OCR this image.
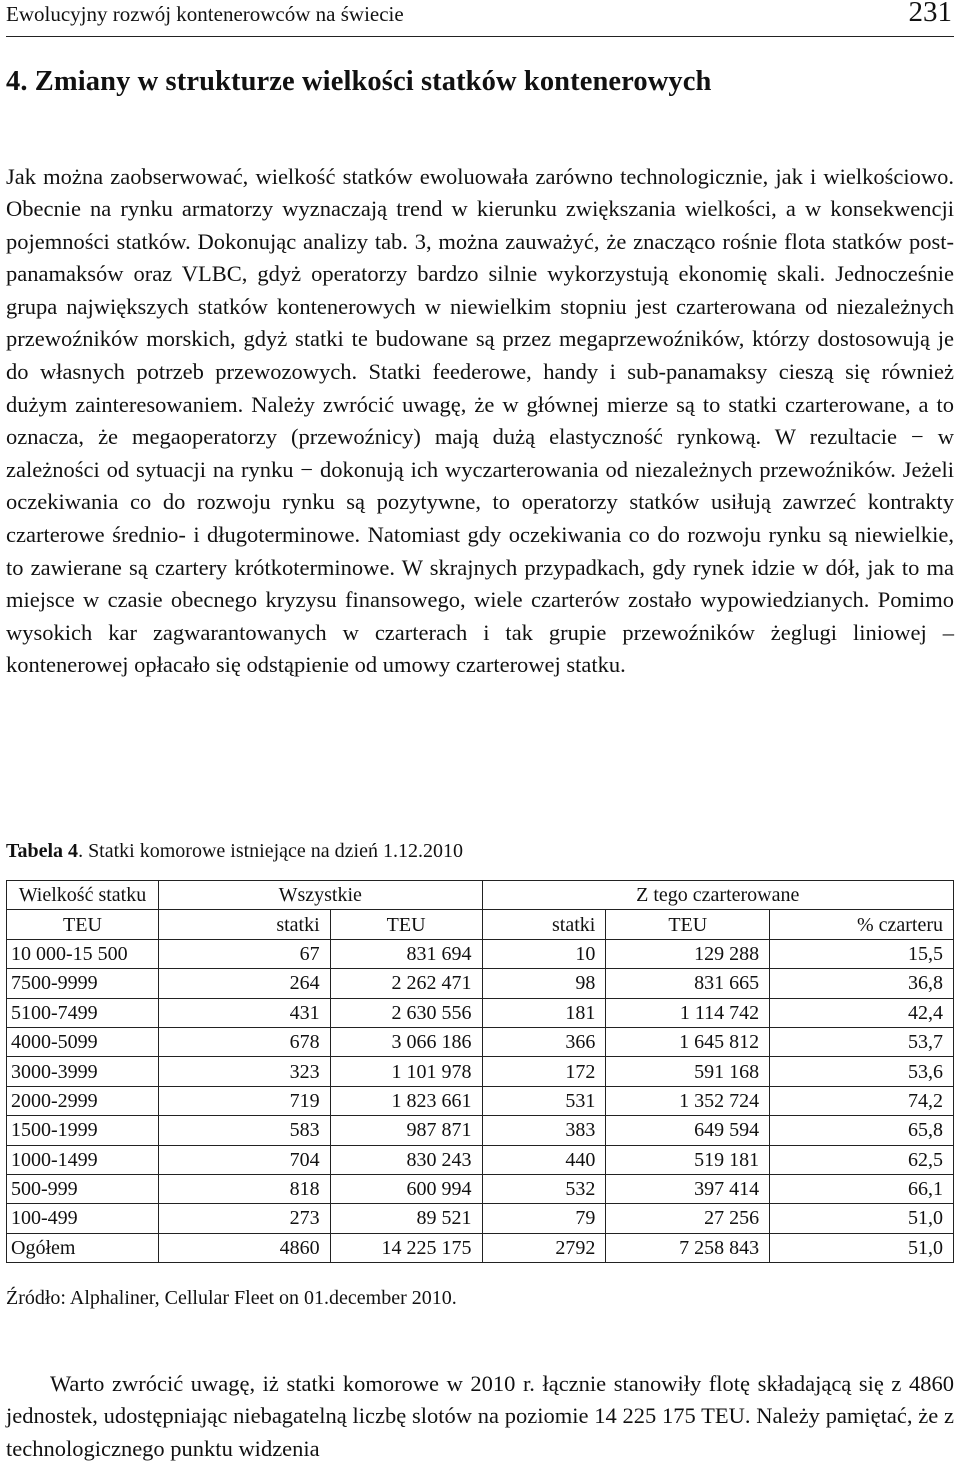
Ewolucyjny rozwój kontenerowców na świecie	231
4. Zmiany w strukturze wielkości statków kontenerowych

Jak można zaobserwować, wielkość statków ewoluowała zarówno technologicznie, jak i wielkościowo. Obecnie na rynku armatorzy wyznaczają trend w kierunku zwiększania wielkości, a w konsekwencji pojemności statków. Dokonując analizy tab. 3, można zauważyć, że znacząco rośnie flota statków post-panamaksów oraz VLBC, gdyż operatorzy bardzo silnie wykorzystują ekonomię skali. Jednocześnie grupa największych statków kontenerowych w niewielkim stopniu jest czarterowana od niezależnych przewoźników morskich, gdyż statki te budowane są przez megaprzewoźników, którzy dostosowują je do własnych potrzeb przewozowych. Statki feederowe, handy i sub-panamaksy cieszą się również dużym zainteresowaniem. Należy zwrócić uwagę, że w głównej mierze są to statki czarterowane, a to oznacza, że megaoperatorzy (przewoźnicy) mają dużą elastyczność rynkową. W rezultacie − w zależności od sytuacji na rynku − dokonują ich wyczarterowania od niezależnych przewoźników. Jeżeli oczekiwania co do rozwoju rynku są pozytywne, to operatorzy statków usiłują zawrzeć kontrakty czarterowe średnio- i długoterminowe. Natomiast gdy oczekiwania co do rozwoju rynku są niewielkie, to zawierane są czartery krótkoterminowe. W skrajnych przypadkach, gdy rynek idzie w dół, jak to ma miejsce w czasie obecnego kryzysu finansowego, wiele czarterów zostało wypowiedzianych. Pomimo wysokich kar zagwarantowanych w czarterach i tak grupie przewoźników żeglugi liniowej – kontenerowej opłacało się odstąpienie od umowy czarterowej statku.

Tabela 4. Statki komorowe istniejące na dzień 1.12.2010
Wielkość statku	Wszystkie		Z tego czarterowane		
TEU	statki	TEU	statki	TEU	% czarteru
10 000-15 500	67	831 694	10	129 288	15,5
7500-9999	264	2 262 471	98	831 665	36,8
5100-7499	431	2 630 556	181	1 114 742	42,4
4000-5099	678	3 066 186	366	1 645 812	53,7
3000-3999	323	1 101 978	172	591 168	53,6
2000-2999	719	1 823 661	531	1 352 724	74,2
1500-1999	583	987 871	383	649 594	65,8
1000-1499	704	830 243	440	519 181	62,5
500-999	818	600 994	532	397 414	66,1
100-499	273	89 521	79	27 256	51,0
Ogółem	4860	14 225 175	2792	7 258 843	51,0
Źródło: Alphaliner, Cellular Fleet on 01.december 2010.

Warto zwrócić uwagę, iż statki komorowe w 2010 r. łącznie stanowiły flotę składającą się z 4860 jednostek, udostępniając niebagatelną liczbę slotów na poziomie 14 225 175 TEU. Należy pamiętać, że z technologicznego punktu widzenia
